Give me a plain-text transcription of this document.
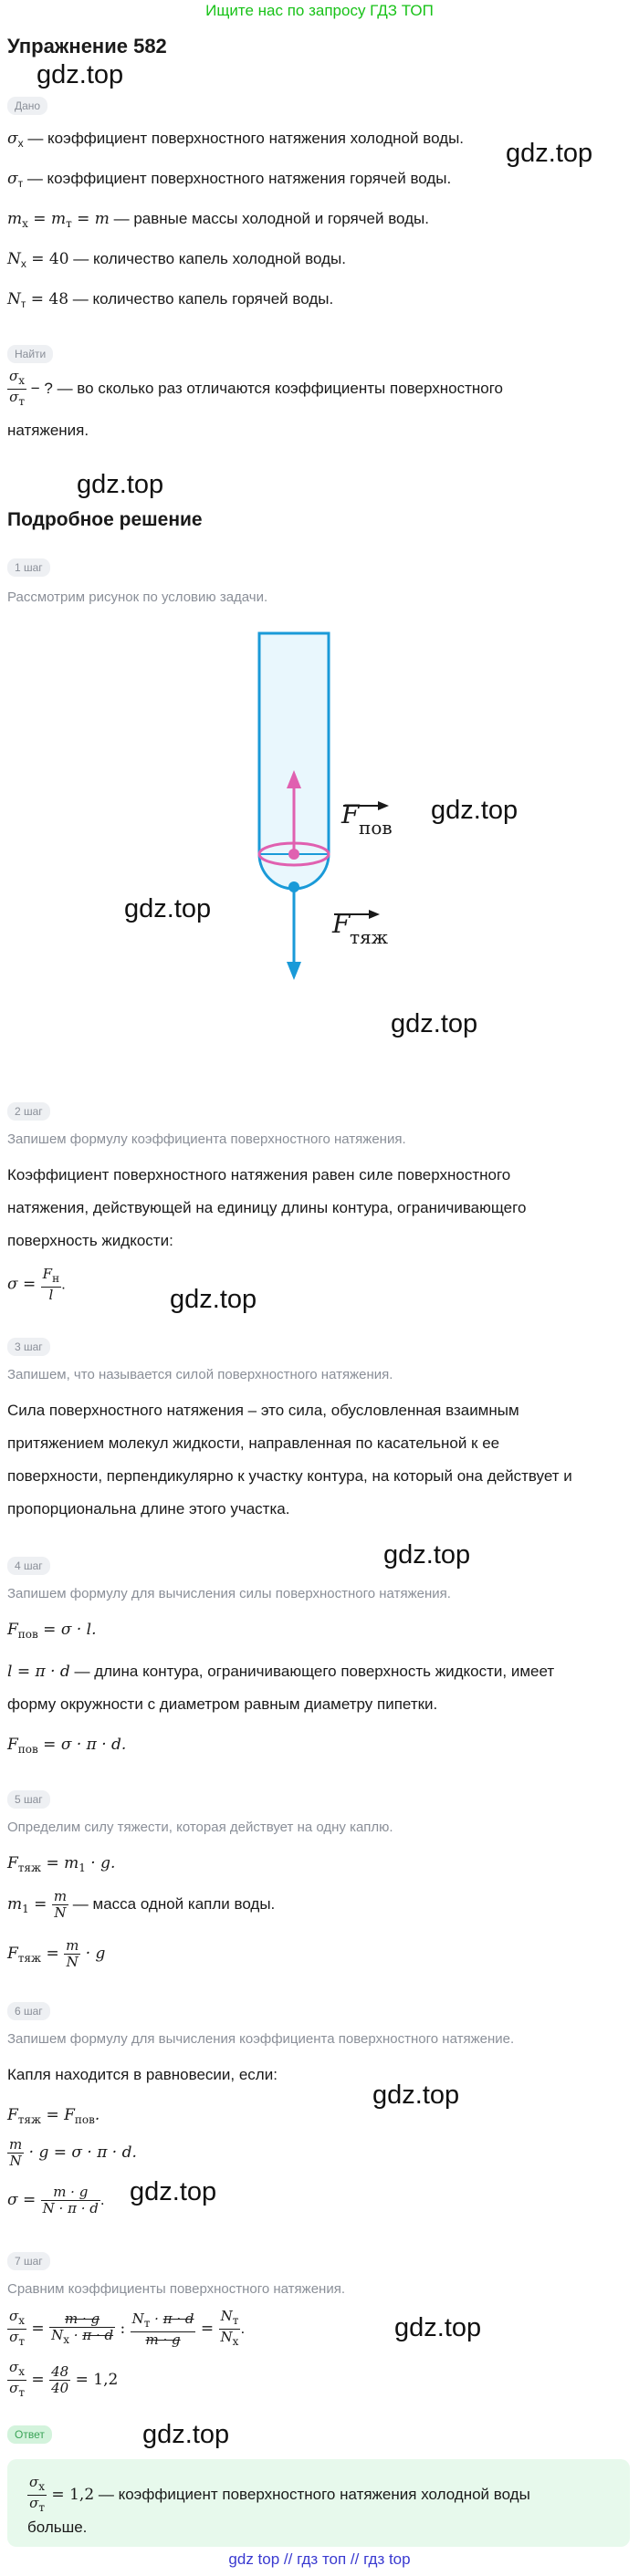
Ищите нас по запросу ГДЗ ТОП
Упражнение 582
gdz.top
gdz.top
gdz.top
gdz.top
gdz.top
gdz.top
gdz.top
gdz.top
gdz.top
gdz.top
gdz.top
gdz.top
Дано
$\sigma_х$ — коэффициент поверхностного натяжения холодной воды.
$\sigma_т$ — коэффициент поверхностного натяжения горячей воды.
$m_х = m_т = m$ — равные массы холодной и горячей воды.
$N_х = 40$ — количество капель холодной воды.
$N_т = 48$ — количество капель горячей воды.
Найти
$\frac{\sigma_х}{\sigma_т}$ − ? — во сколько раз отличаются коэффициенты поверхностного
натяжения.
Подробное решение
1 шаг
Рассмотрим рисунок по условию задачи.
F пов
F тяж
2 шаг
Запишем формулу коэффициента поверхностного натяжения.
Коэффициент поверхностного натяжения равен силе поверхностного
натяжения, действующей на единицу длины контура, ограничивающего
поверхность жидкости:
$\sigma = \frac{F_н}{l}$ .
3 шаг
Запишем, что называется силой поверхностного натяжения.
Сила поверхностного натяжения – это сила, обусловленная взаимным
притяжением молекул жидкости, направленная по касательной к ее
поверхности, перпендикулярно к участку контура, на который она действует и
пропорциональна длине этого участка.
4 шаг
Запишем формулу для вычисления силы поверхностного натяжения.
$F_{пов} = \sigma \cdot l$.
l = π · d — длина контура, ограничивающего поверхность жидкости, имеет
форму окружности с диаметром равным диаметру пипетки.
$F_{пов} = \sigma \cdot \pi \cdot d$.
5 шаг
Определим силу тяжести, которая действует на одну каплю.
$F_{тяж} = m_1 \cdot g$.
$m_1 = \frac{m}{N}$ — масса одной капли воды.
$F_{тяж} = \frac{m}{N} \cdot g$
6 шаг
Запишем формулу для вычисления коэффициента поверхностного натяжение.
Капля находится в равновесии, если:
$F_{тяж} = F_{пов}$.
$\frac{m}{N} \cdot g = \sigma \cdot \pi \cdot d$.
$\sigma = \frac{m \cdot g}{N \cdot \pi \cdot d}$ .
7 шаг
Сравним коэффициенты поверхностного натяжения.
$\frac{\sigma_х}{\sigma_т} = \frac{m \cdot g}{N_х \cdot \pi \cdot d}$ : $\frac{N_т \cdot \pi \cdot d}{m \cdot g} = \frac{N_т}{N_х}$ .
$\frac{\sigma_х}{\sigma_т} = \frac{48}{40} = 1,2$
Ответ
$\frac{\sigma_х}{\sigma_т} = 1,2$ — коэффициент поверхностного натяжения холодной воды
больше.
gdz top // гдз топ // гдз top
